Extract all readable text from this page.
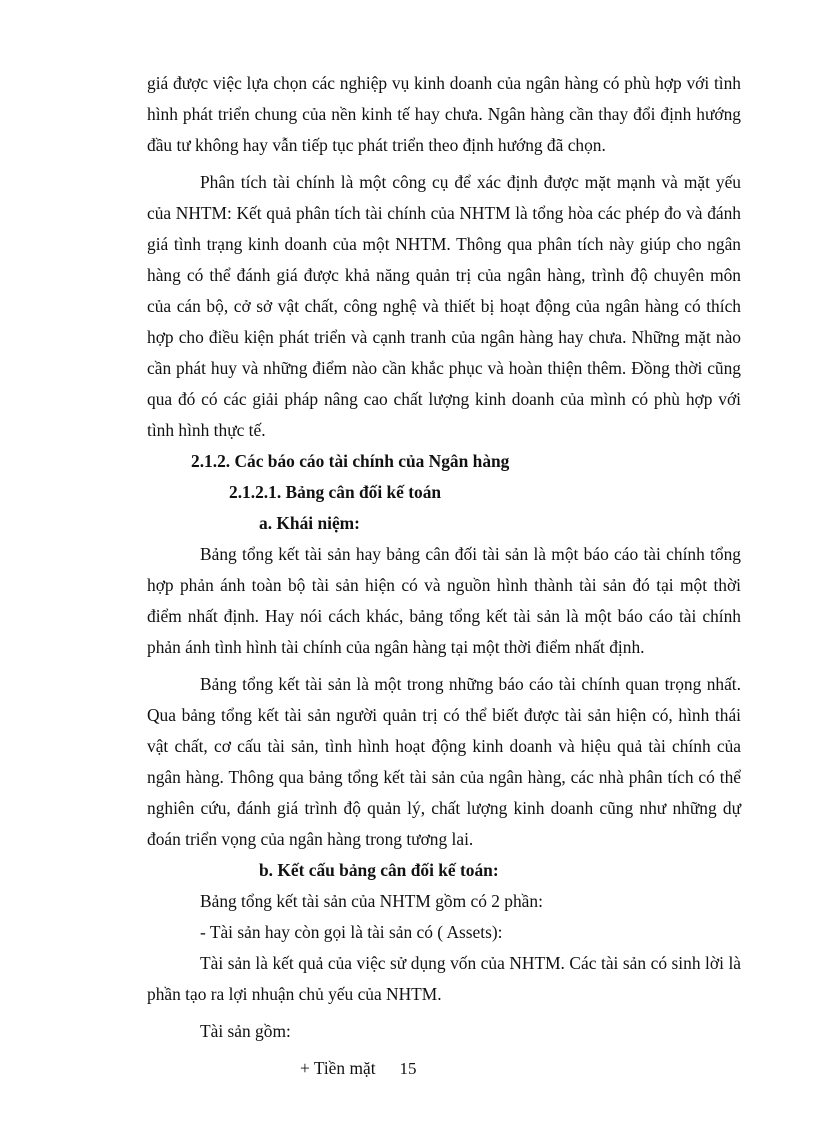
giá được việc lựa chọn các nghiệp vụ kinh doanh của ngân hàng có phù hợp với tình hình phát triển chung của nền kinh tế hay chưa. Ngân hàng cần thay đổi định hướng đầu tư không hay vẫn tiếp tục phát triển theo định hướng đã chọn.

Phân tích tài chính là một công cụ để xác định được mặt mạnh và mặt yếu của NHTM: Kết quả phân tích tài chính của NHTM là tổng hòa các phép đo và đánh giá tình trạng kinh doanh của một NHTM. Thông qua phân tích này giúp cho ngân hàng có thể đánh giá được khả năng quản trị của ngân hàng, trình độ chuyên môn của cán bộ, cở sở vật chất, công nghệ và thiết bị hoạt động của ngân hàng có thích hợp cho điều kiện phát triển và cạnh tranh của ngân hàng hay chưa. Những mặt nào cần phát huy và những điểm nào cần khắc phục và hoàn thiện thêm. Đồng thời cũng qua đó có các giải pháp nâng cao chất lượng kinh doanh của mình có phù hợp với tình hình thực tế.

2.1.2. Các báo cáo tài chính của Ngân hàng

2.1.2.1. Bảng cân đối kế toán

a. Khái niệm:

Bảng tổng kết tài sản hay bảng cân đối tài sản là một báo cáo tài chính tổng hợp phản ánh toàn bộ tài sản hiện có và nguồn hình thành tài sản đó tại một thời điểm nhất định. Hay nói cách khác, bảng tổng kết tài sản là một báo cáo tài chính phản ánh tình hình tài chính của ngân hàng tại một thời điểm nhất định.

Bảng tổng kết tài sản là một trong những báo cáo tài chính quan trọng nhất. Qua bảng tổng kết tài sản người quản trị có thể biết được tài sản hiện có, hình thái vật chất, cơ cấu tài sản, tình hình hoạt động kinh doanh và hiệu quả tài chính của ngân hàng. Thông qua bảng tổng kết tài sản của ngân hàng, các nhà phân tích có thể nghiên cứu, đánh giá trình độ quản lý, chất lượng kinh doanh cũng như những dự đoán triển vọng của ngân hàng trong tương lai.

b. Kết cấu bảng cân đối kế toán:

Bảng tổng kết tài sản của NHTM gồm có 2 phần:

- Tài sản hay còn gọi là tài sản có ( Assets):

Tài sản là kết quả của việc sử dụng vốn của NHTM. Các tài sản có sinh lời là phần tạo ra lợi nhuận chủ yếu của NHTM.

Tài sản gồm:

+ Tiền mặt	15
